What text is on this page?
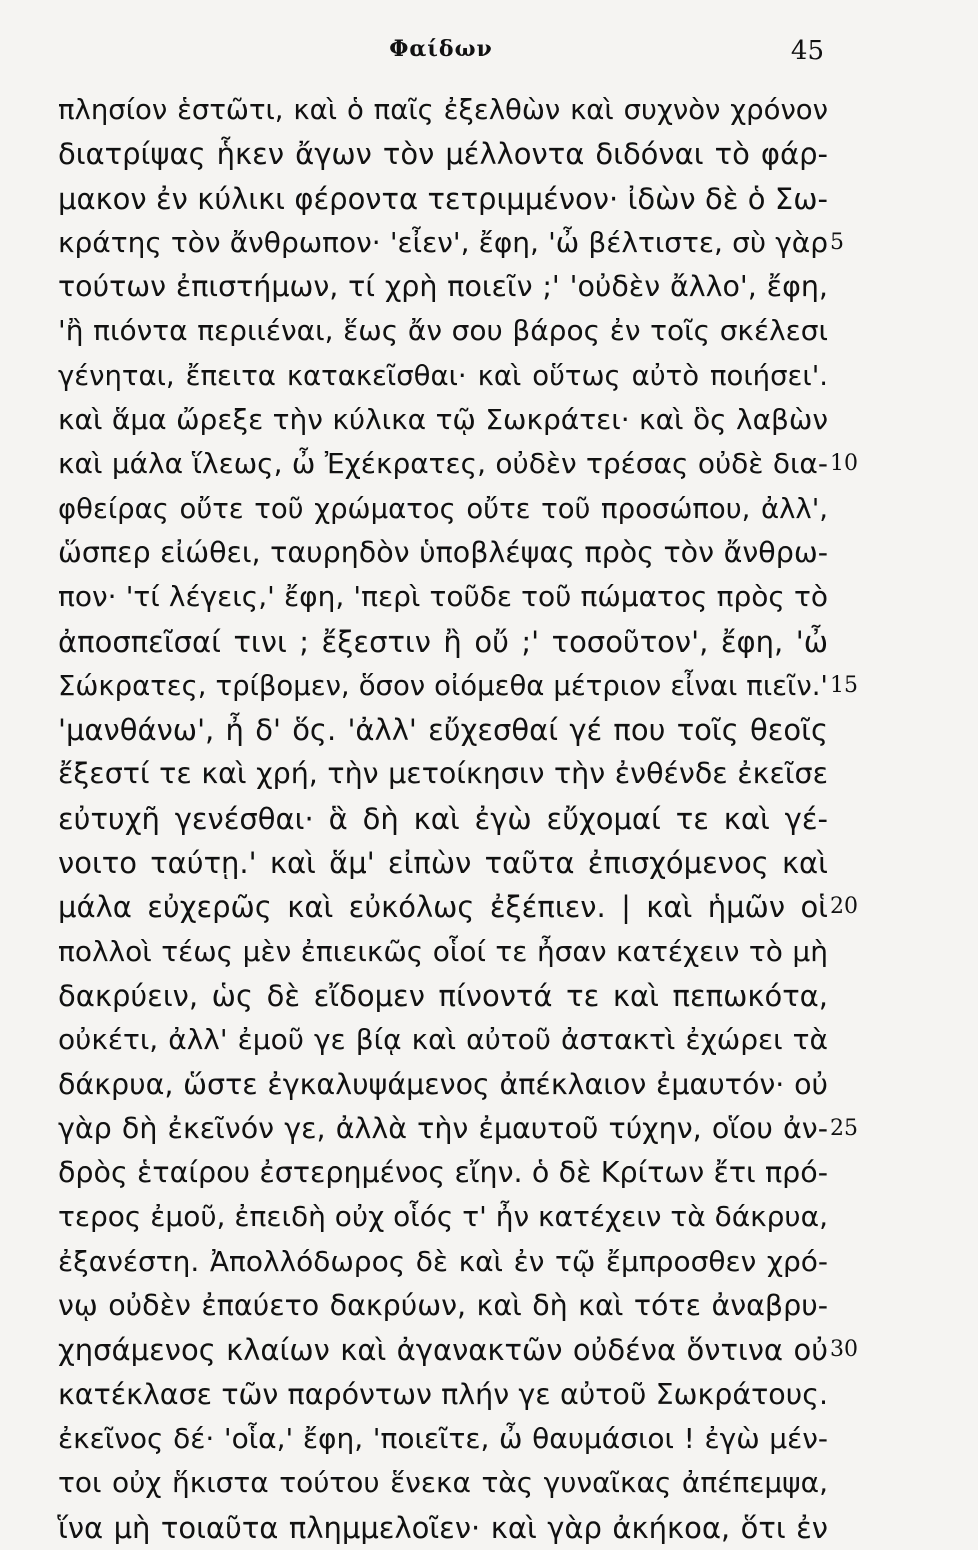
Φαίδων	45
πλησίον ἑστῶτι, καὶ ὁ παῖς ἐξελθὼν καὶ συχνὸν χρόνον
διατρίψας ἧκεν ἄγων τὸν μέλλοντα διδόναι τὸ φάρ-
μακον ἐν κύλικι φέροντα τετριμμένον· ἰδὼν δὲ ὁ Σω-
κράτης τὸν ἄνθρωπον· 'εἶεν', ἔφη, 'ὦ βέλτιστε, σὺ γὰρ 5
τούτων ἐπιστήμων, τί χρὴ ποιεῖν ;' 'οὐδὲν ἄλλο', ἔφη,
'ἢ πιόντα περιιέναι, ἕως ἄν σου βάρος ἐν τοῖς σκέλεσι
γένηται, ἔπειτα κατακεῖσθαι· καὶ οὕτως αὐτὸ ποιήσει'.
καὶ ἅμα ὤρεξε τὴν κύλικα τῷ Σωκράτει· καὶ ὃς λαβὼν
καὶ μάλα ἵλεως, ὦ Ἐχέκρατες, οὐδὲν τρέσας οὐδὲ δια- 10
φθείρας οὔτε τοῦ χρώματος οὔτε τοῦ προσώπου, ἀλλ',
ὥσπερ εἰώθει, ταυρηδὸν ὑποβλέψας πρὸς τὸν ἄνθρω-
πον· 'τί λέγεις,' ἔφη, 'περὶ τοῦδε τοῦ πώματος πρὸς τὸ
ἀποσπεῖσαί τινι ; ἔξεστιν ἢ οὔ ;' τοσοῦτον', ἔφη, 'ὦ
Σώκρατες, τρίβομεν, ὅσον οἰόμεθα μέτριον εἶναι πιεῖν.' 15
'μανθάνω', ἦ δ' ὅς. 'ἀλλ' εὔχεσθαί γέ που τοῖς θεοῖς
ἔξεστί τε καὶ χρή, τὴν μετοίκησιν τὴν ἐνθένδε ἐκεῖσε
εὐτυχῆ γενέσθαι· ἃ δὴ καὶ ἐγὼ εὔχομαί τε καὶ γέ-
νοιτο ταύτῃ.' καὶ ἅμ' εἰπὼν ταῦτα ἐπισχόμενος καὶ
μάλα εὐχερῶς καὶ εὐκόλως ἐξέπιεν. | καὶ ἡμῶν οἱ 20
πολλοὶ τέως μὲν ἐπιεικῶς οἷοί τε ἦσαν κατέχειν τὸ μὴ
δακρύειν, ὡς δὲ εἴδομεν πίνοντά τε καὶ πεπωκότα,
οὐκέτι, ἀλλ' ἐμοῦ γε βίᾳ καὶ αὐτοῦ ἀστακτὶ ἐχώρει τὰ
δάκρυα, ὥστε ἐγκαλυψάμενος ἀπέκλαιον ἐμαυτόν· οὐ
γὰρ δὴ ἐκεῖνόν γε, ἀλλὰ τὴν ἐμαυτοῦ τύχην, οἵου ἀν- 25
δρὸς ἑταίρου ἐστερημένος εἴην. ὁ δὲ Κρίτων ἔτι πρό-
τερος ἐμοῦ, ἐπειδὴ οὐχ οἷός τ' ἦν κατέχειν τὰ δάκρυα,
ἐξανέστη. Ἀπολλόδωρος δὲ καὶ ἐν τῷ ἔμπροσθεν χρό-
νῳ οὐδὲν ἐπαύετο δακρύων, καὶ δὴ καὶ τότε ἀναβρυ-
χησάμενος κλαίων καὶ ἀγανακτῶν οὐδένα ὅντινα οὐ 30
κατέκλασε τῶν παρόντων πλήν γε αὐτοῦ Σωκράτους.
ἐκεῖνος δέ· 'οἷα,' ἔφη, 'ποιεῖτε, ὦ θαυμάσιοι ! ἐγὼ μέν-
τοι οὐχ ἥκιστα τούτου ἕνεκα τὰς γυναῖκας ἀπέπεμψα,
ἵνα μὴ τοιαῦτα πλημμελοῖεν· καὶ γὰρ ἀκήκοα, ὅτι ἐν
